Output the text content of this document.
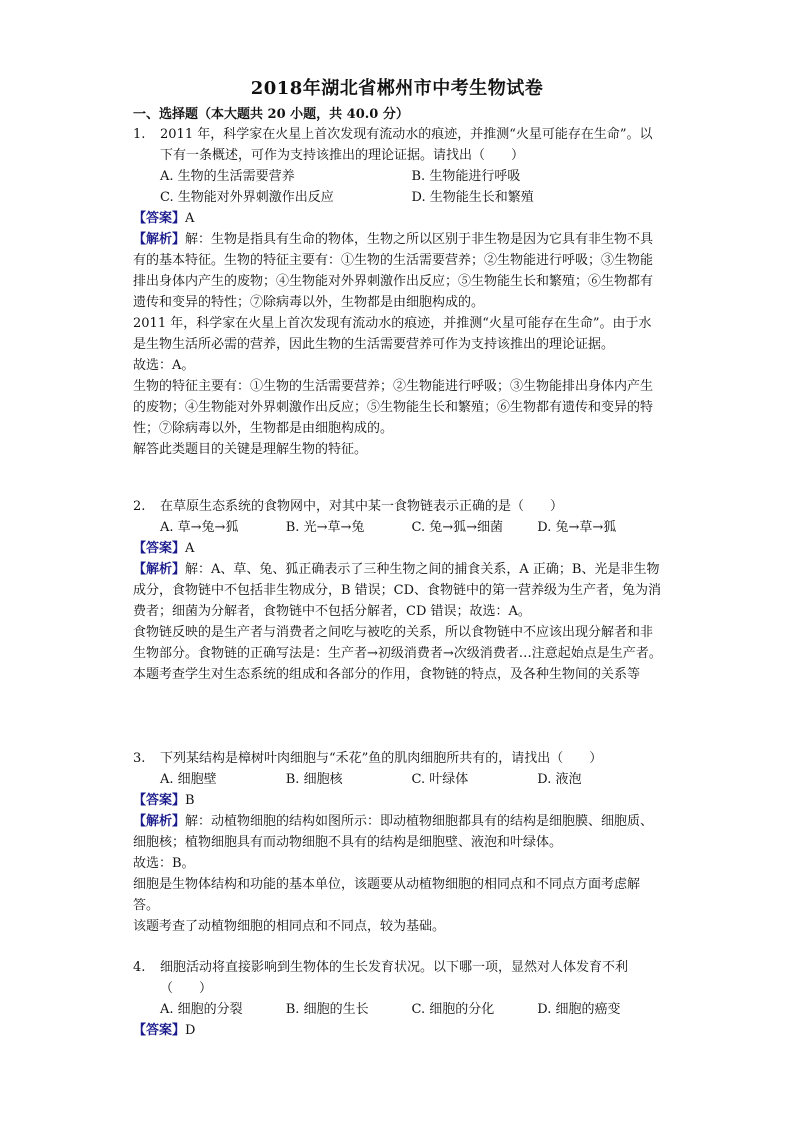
2018年湖北省郴州市中考生物试卷
一、选择题（本大题共 20 小题，共 40.0 分）
1.	2011 年，科学家在火星上首次发现有流动水的痕迹，并推测“火星可能存在生命”。以下有一条概述，可作为支持该推出的理论证据。请找出（　　）
A. 生物的生活需要营养	B. 生物能进行呼吸
C. 生物能对外界刺激作出反应	D. 生物能生长和繁殖

【答案】A

【解析】解：生物是指具有生命的物体，生物之所以区别于非生物是因为它具有非生物不具有的基本特征。生物的特征主要有：①生物的生活需要营养；②生物能进行呼吸；③生物能排出身体内产生的废物；④生物能对外界刺激作出反应；⑤生物能生长和繁殖；⑥生物都有遗传和变异的特性；⑦除病毒以外，生物都是由细胞构成的。

2011 年，科学家在火星上首次发现有流动水的痕迹，并推测“火星可能存在生命”。由于水是生物生活所必需的营养，因此生物的生活需要营养可作为支持该推出的理论证据。

故选：A。

生物的特征主要有：①生物的生活需要营养；②生物能进行呼吸；③生物能排出身体内产生的废物；④生物能对外界刺激作出反应；⑤生物能生长和繁殖；⑥生物都有遗传和变异的特性；⑦除病毒以外，生物都是由细胞构成的。

解答此类题目的关键是理解生物的特征。

2.	在草原生态系统的食物网中，对其中某一食物链表示正确的是（　　）
A. 草→兔→狐	B. 光→草→兔	C. 兔→狐→细菌	D. 兔→草→狐

【答案】A

【解析】解：A、草、兔、狐正确表示了三种生物之间的捕食关系，A 正确；B、光是非生物成分，食物链中不包括非生物成分，B 错误；CD、食物链中的第一营养级为生产者，兔为消费者；细菌为分解者，食物链中不包括分解者，CD 错误；故选：A。

食物链反映的是生产者与消费者之间吃与被吃的关系，所以食物链中不应该出现分解者和非生物部分。食物链的正确写法是：生产者→初级消费者→次级消费者…注意起始点是生产者。

本题考查学生对生态系统的组成和各部分的作用，食物链的特点，及各种生物间的关系等

3.	下列某结构是樟树叶肉细胞与“禾花”鱼的肌肉细胞所共有的，请找出（　　）
A. 细胞壁	B. 细胞核	C. 叶绿体	D. 液泡

【答案】B

【解析】解：动植物细胞的结构如图所示：即动植物细胞都具有的结构是细胞膜、细胞质、细胞核；植物细胞具有而动物细胞不具有的结构是细胞壁、液泡和叶绿体。

故选：B。

细胞是生物体结构和功能的基本单位，该题要从动植物细胞的相同点和不同点方面考虑解答。

该题考查了动植物细胞的相同点和不同点，较为基础。

4.	细胞活动将直接影响到生物体的生长发育状况。以下哪一项，显然对人体发育不利（　　）
A. 细胞的分裂	B. 细胞的生长	C. 细胞的分化	D. 细胞的癌变

【答案】D
